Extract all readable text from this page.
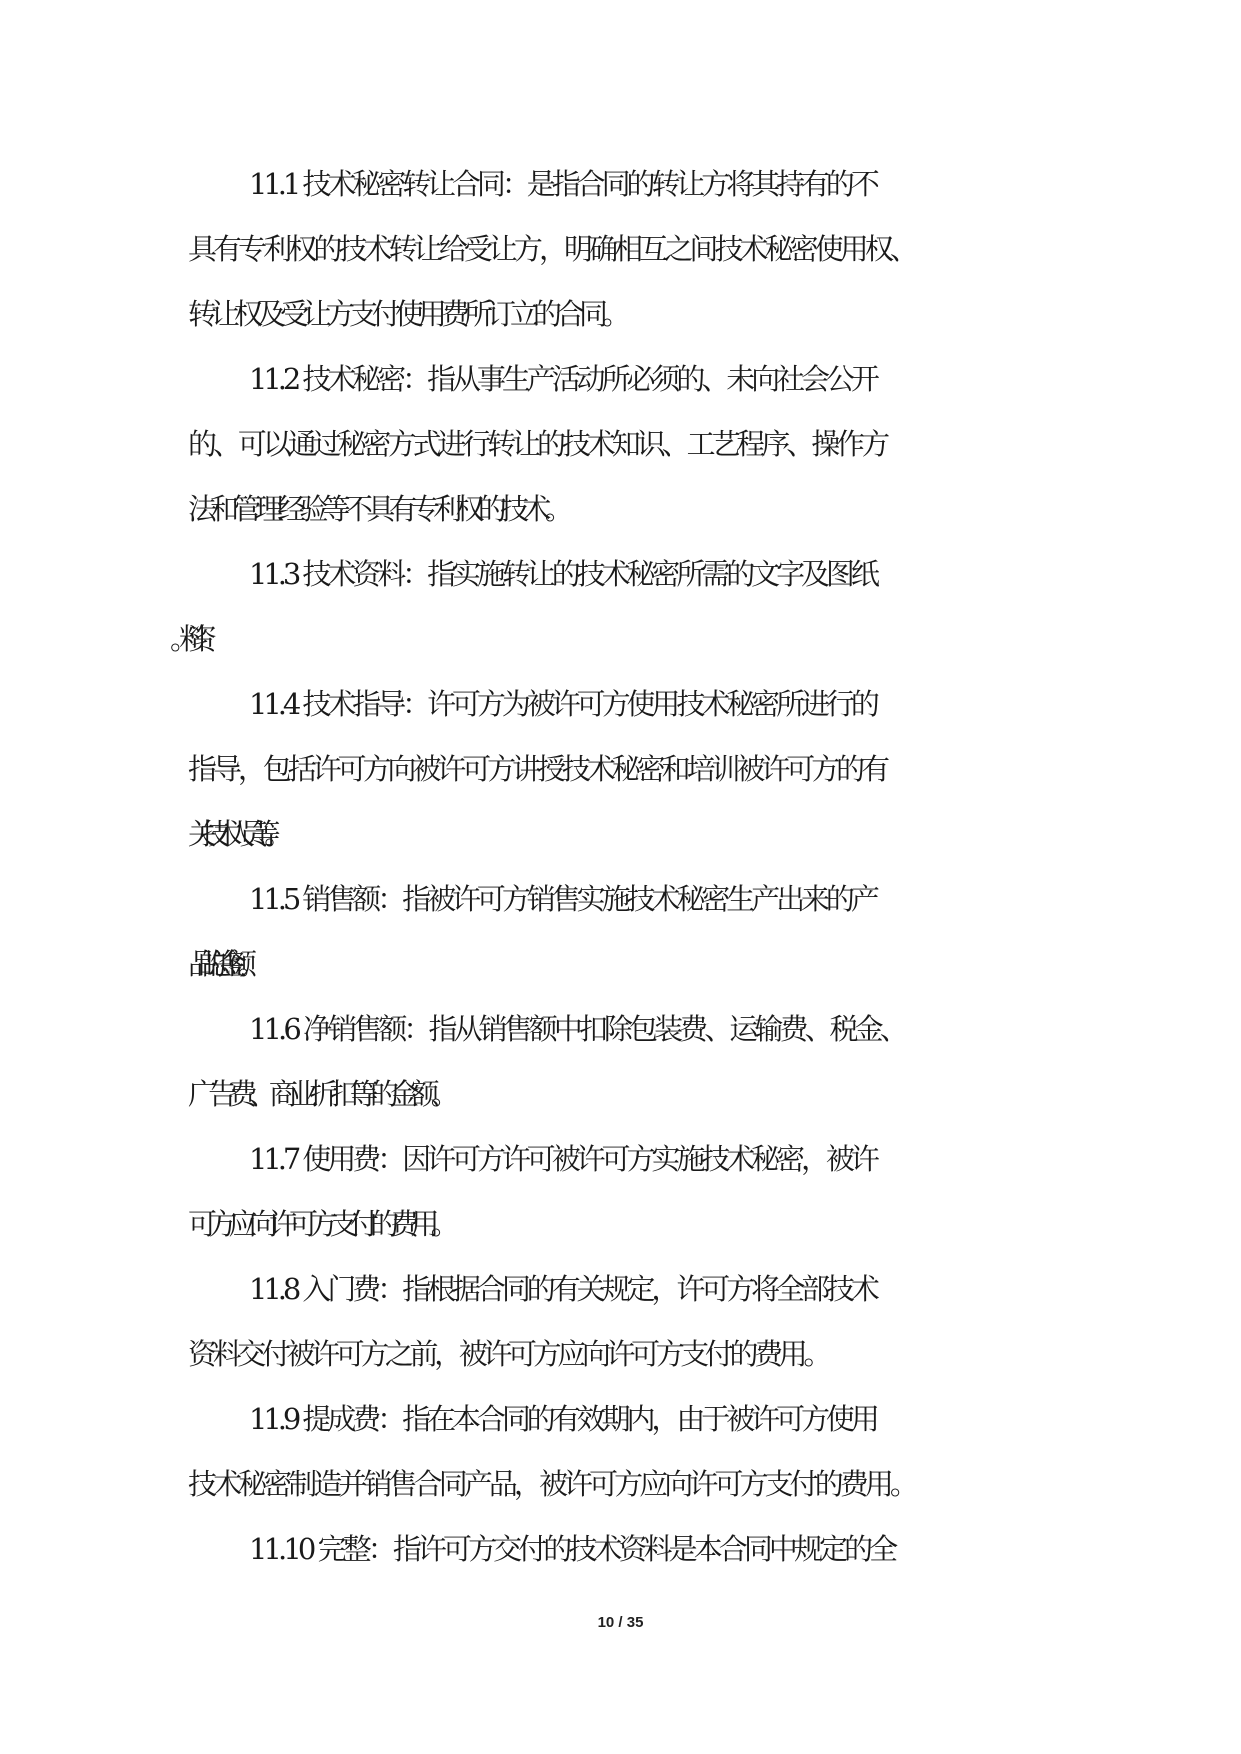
11.1 技术秘密转让合同：是指合同的转让方将其持有的不
具有专利权的技术转让给受让方，明确相互之间技术秘密使用权、
转让权及受让方支付使用费所订立的合同。
11.2 技术秘密：指从事生产活动所必须的、未向社会公开
的、可以通过秘密方式进行转让的技术知识、工艺程序、操作方
法和管理经验等不具有专利权的技术。
11.3 技术资料：指实施转让的技术秘密所需的文字及图纸
11.4 技术指导：许可方为被许可方使用技术秘密所进行的
指导，包括许可方向被许可方讲授技术秘密和培训被许可方的有
关技术人员等。
11.5 销售额：指被许可方销售实施技术秘密生产出来的产
品的总金额。
11.6 净销售额：指从销售额中扣除包装费、运输费、税金、
广告费、商业折扣等的金额。
11.7 使用费：因许可方许可被许可方实施技术秘密，被许
可方应向许可方支付的费用。
11.8 入门费：指根据合同的有关规定，许可方将全部技术
资料交付被许可方之前，被许可方应向许可方支付的费用。
11.9 提成费：指在本合同的有效期内，由于被许可方使用
技术秘密制造并销售合同产品，被许可方应向许可方支付的费用。
11.10 完整：指许可方交付的技术资料是本合同中规定的全
10 / 35
